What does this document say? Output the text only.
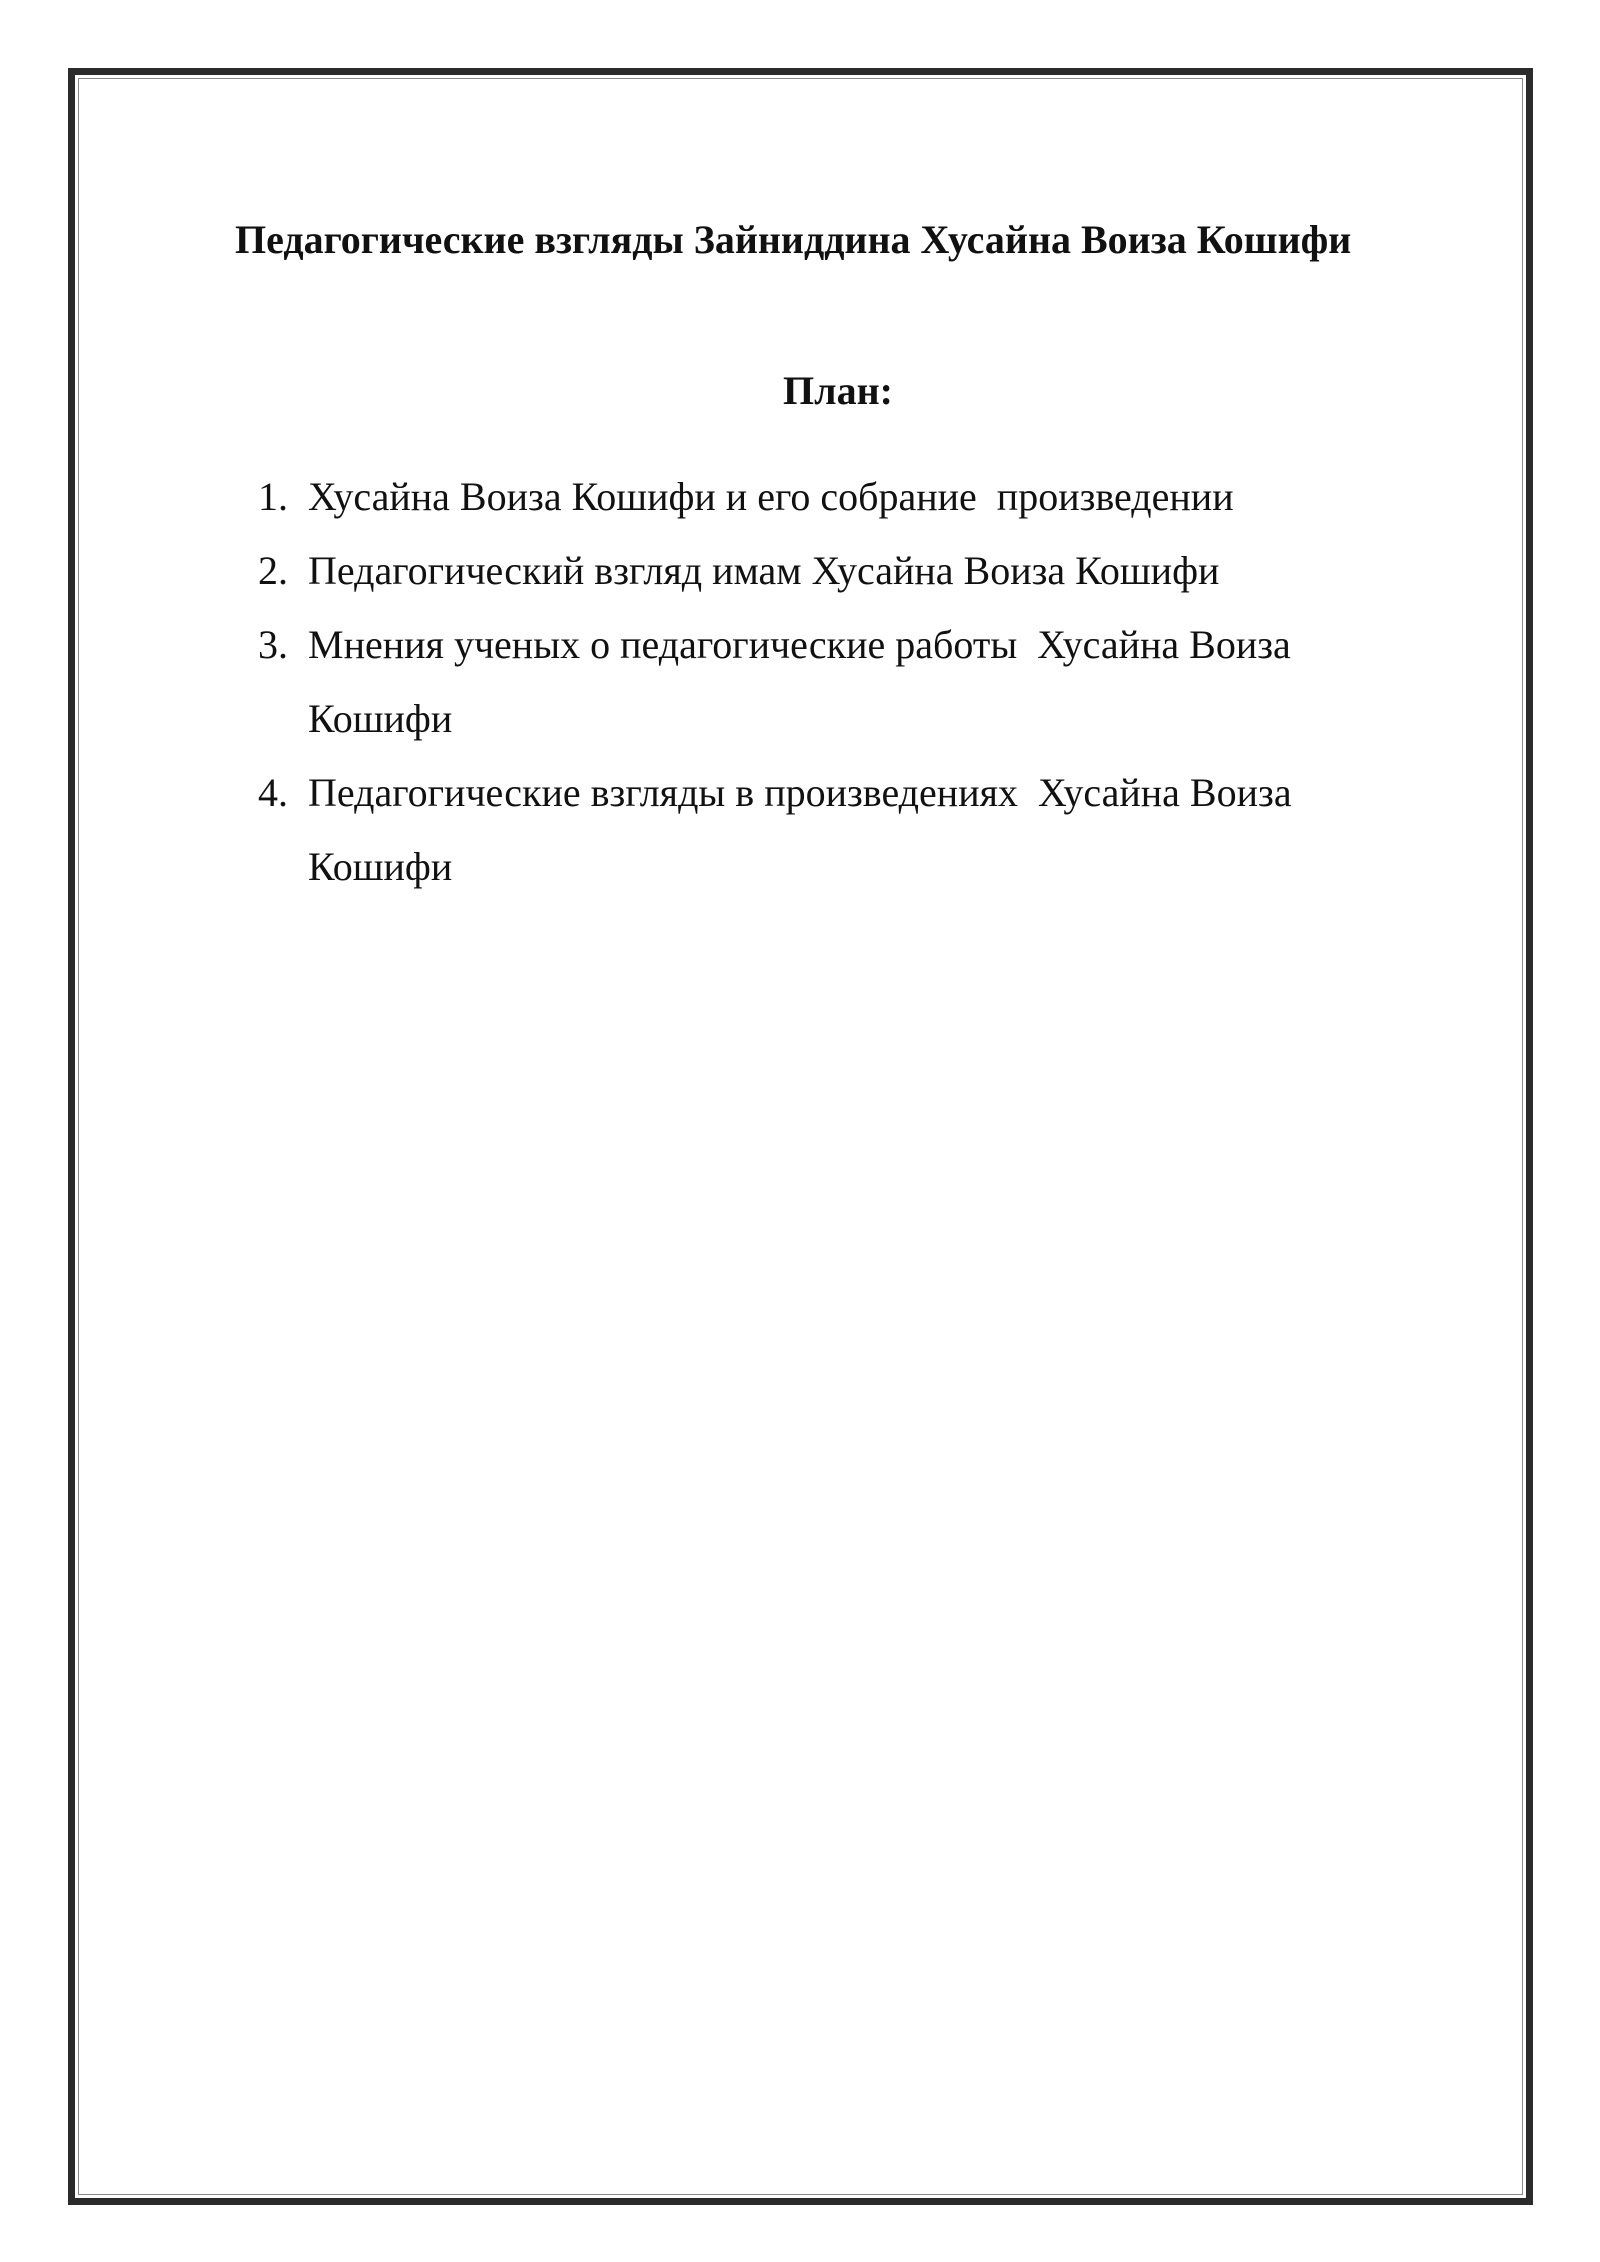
Педагогические взгляды Зайниддина Хусайна Воиза Кошифи
План:
1. Хусайна Воиза Кошифи и его собрание  произведении
2. Педагогический взгляд имам Хусайна Воиза Кошифи
3. Мнения ученых о педагогические работы  Хусайна Воиза Кошифи
4. Педагогические взгляды в произведениях  Хусайна Воиза Кошифи
